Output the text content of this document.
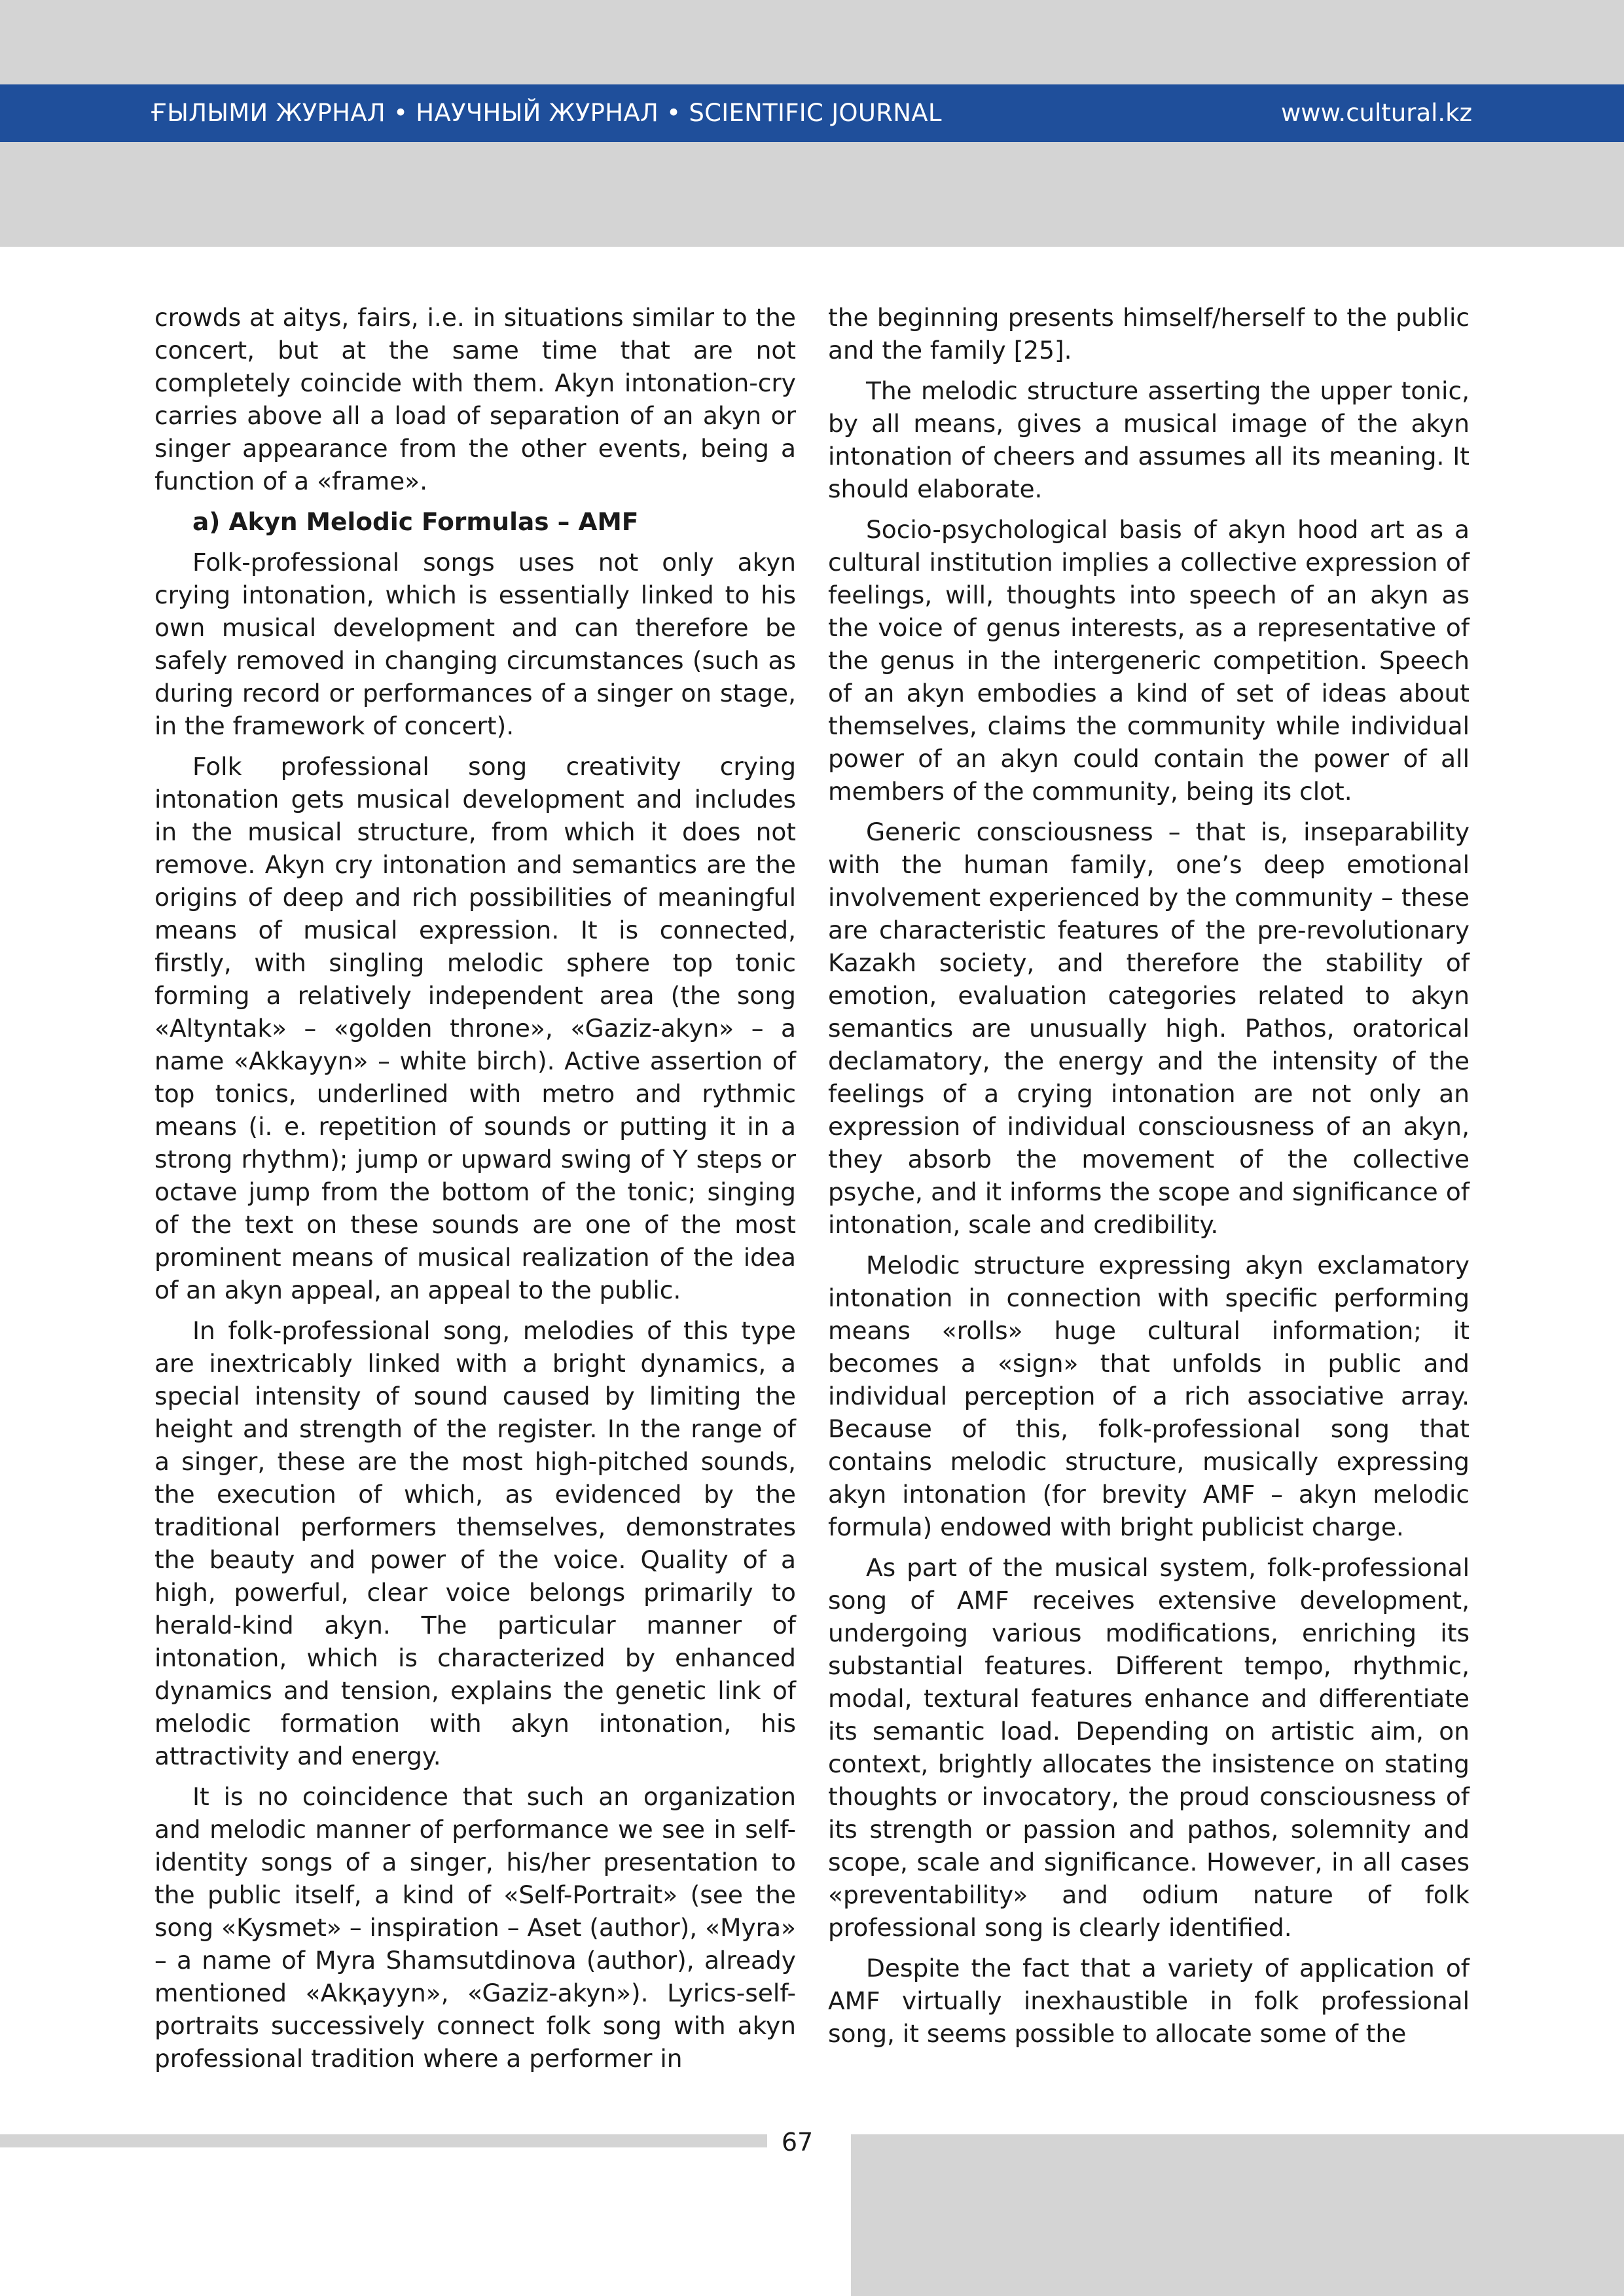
ҒЫЛЫМИ ЖУРНАЛ • НАУЧНЫЙ ЖУРНАЛ • SCIENTIFIC JOURNAL	www.cultural.kz

crowds at aitys, fairs, i.e. in situations similar to the concert, but at the same time that are not completely coincide with them. Akyn intonation-cry carries above all a load of separation of an akyn or singer appearance from the other events, being a function of a «frame».

a) Akyn Melodic Formulas – AMF

Folk-professional songs uses not only akyn crying intonation, which is essentially linked to his own musical development and can therefore be safely removed in changing circumstances (such as during record or performances of a singer on stage, in the framework of concert).

Folk professional song creativity crying intonation gets musical development and includes in the musical structure, from which it does not remove. Akyn cry intonation and semantics are the origins of deep and rich possibilities of meaningful means of musical expression. It is connected, firstly, with singling melodic sphere top tonic forming a relatively independent area (the song «Altyntak» – «golden throne», «Gaziz-akyn» – a name «Akkayyn» – white birch). Active assertion of top tonics, underlined with metro and rythmic means (i. e. repetition of sounds or putting it in a strong rhythm); jump or upward swing of Y steps or octave jump from the bottom of the tonic; singing of the text on these sounds are one of the most prominent means of musical realization of the idea of an akyn appeal, an appeal to the public.

In folk-professional song, melodies of this type are inextricably linked with a bright dynamics, a special intensity of sound caused by limiting the height and strength of the register. In the range of a singer, these are the most high-pitched sounds, the execution of which, as evidenced by the traditional performers themselves, demonstrates the beauty and power of the voice. Quality of a high, powerful, clear voice belongs primarily to herald-kind akyn. The particular manner of intonation, which is characterized by enhanced dynamics and tension, explains the genetic link of melodic formation with akyn intonation, his attractivity and energy.

It is no coincidence that such an organization and melodic manner of performance we see in self-identity songs of a singer, his/her presentation to the public itself, a kind of «Self-Portrait» (see the song «Kysmet» – inspiration – Aset (author), «Myra» – a name of Myra Shamsutdinova (author), already mentioned «Akқayyn», «Gaziz-akyn»). Lyrics-self-portraits successively connect folk song with akyn professional tradition where a performer in

the beginning presents himself/herself to the public and the family [25].

The melodic structure asserting the upper tonic, by all means, gives a musical image of the akyn intonation of cheers and assumes all its meaning. It should elaborate.

Socio-psychological basis of akyn hood art as a cultural institution implies a collective expression of feelings, will, thoughts into speech of an akyn as the voice of genus interests, as a representative of the genus in the intergeneric competition. Speech of an akyn embodies a kind of set of ideas about themselves, claims the community while individual power of an akyn could contain the power of all members of the community, being its clot.

Generic consciousness – that is, inseparability with the human family, one’s deep emotional involvement experienced by the community – these are characteristic features of the pre-revolutionary Kazakh society, and therefore the stability of emotion, evaluation categories related to akyn semantics are unusually high. Pathos, oratorical declamatory, the energy and the intensity of the feelings of a crying intonation are not only an expression of individual consciousness of an akyn, they absorb the movement of the collective psyche, and it informs the scope and significance of intonation, scale and credibility.

Melodic structure expressing akyn exclamatory intonation in connection with specific performing means «rolls» huge cultural information; it becomes a «sign» that unfolds in public and individual perception of a rich associative array. Because of this, folk-professional song that contains melodic structure, musically expressing akyn intonation (for brevity AMF – akyn melodic formula) endowed with bright publicist charge.

As part of the musical system, folk-professional song of AMF receives extensive development, undergoing various modifications, enriching its substantial features. Different tempo, rhythmic, modal, textural features enhance and differentiate its semantic load. Depending on artistic aim, on context, brightly allocates the insistence on stating thoughts or invocatory, the proud consciousness of its strength or passion and pathos, solemnity and scope, scale and significance. However, in all cases «preventability» and odium nature of folk professional song is clearly identified.

Despite the fact that a variety of application of AMF virtually inexhaustible in folk professional song, it seems possible to allocate some of the

67
